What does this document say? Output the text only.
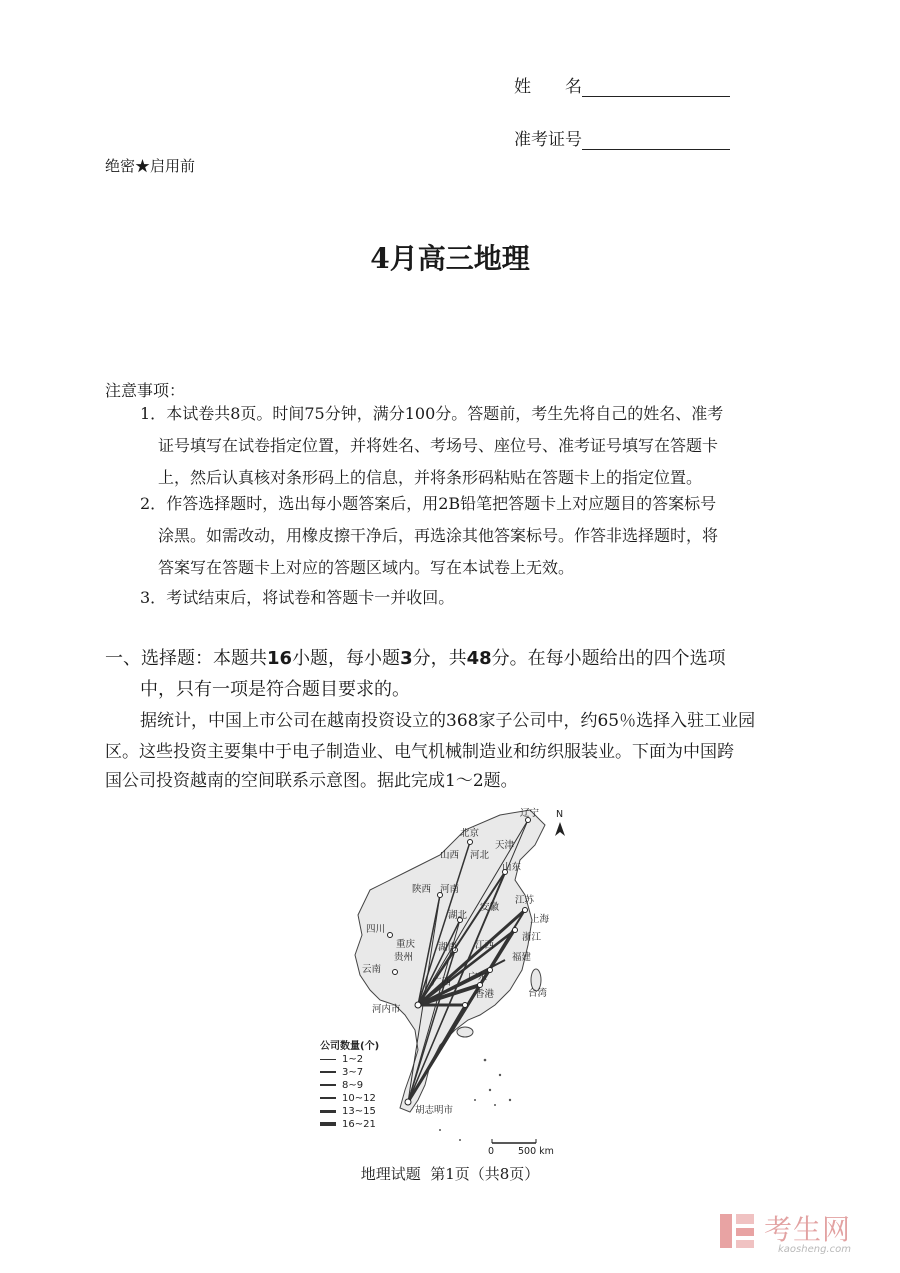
姓　　名
准考证号
绝密★启用前
4月高三地理
注意事项：
1．本试卷共8页。时间75分钟，满分100分。答题前，考生先将自己的姓名、准考
证号填写在试卷指定位置，并将姓名、考场号、座位号、准考证号填写在答题卡
上，然后认真核对条形码上的信息，并将条形码粘贴在答题卡上的指定位置。
2．作答选择题时，选出每小题答案后，用2B铅笔把答题卡上对应题目的答案标号
涂黑。如需改动，用橡皮擦干净后，再选涂其他答案标号。作答非选择题时，将
答案写在答题卡上对应的答题区域内。写在本试卷上无效。
3．考试结束后，将试卷和答题卡一并收回。
一、选择题：本题共16小题，每小题3分，共48分。在每小题给出的四个选项
中，只有一项是符合题目要求的。
据统计，中国上市公司在越南投资设立的368家子公司中，约65％选择入驻工业园
区。这些投资主要集中于电子制造业、电气机械制造业和纺织服装业。下面为中国跨
国公司投资越南的空间联系示意图。据此完成1～2题。
辽宁
北京
天津
山西 河北
山东
陕西 河南
江苏
湖北	上海
安徽
浙江
四川
重庆 湖南 江西
贵州	福建
云南
广西 广东
台湾
河内市
香港
胡志明市
N
0	500 km
公司数量(个)
1~2
3~7
8~9
10~12
13~15
16~21
地理试题  第1页（共8页）
考生网
kaosheng.com
